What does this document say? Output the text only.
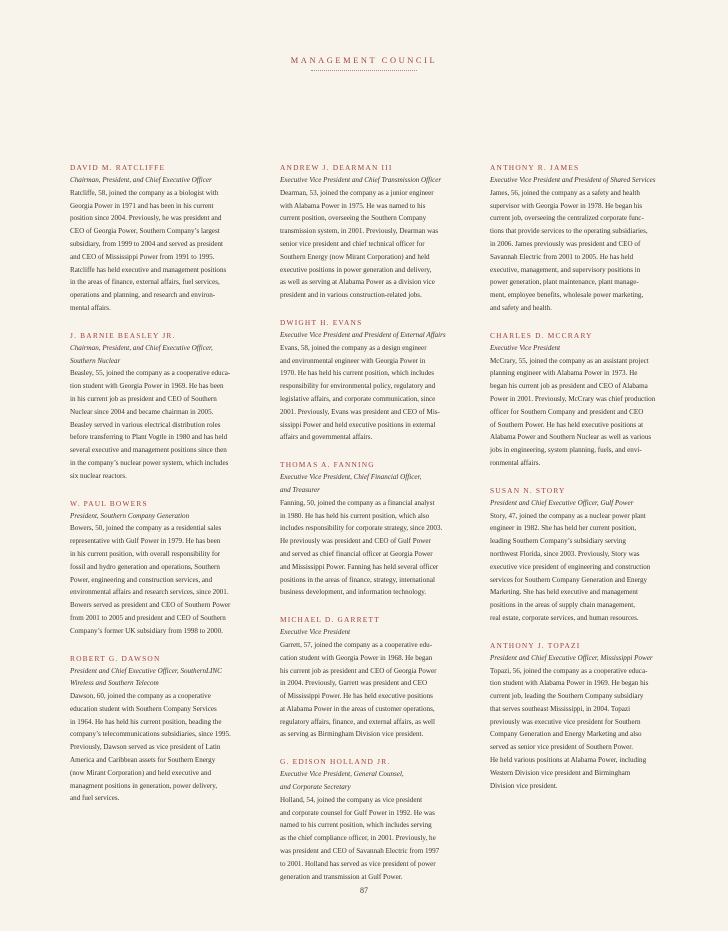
MANAGEMENT COUNCIL
DAVID M. RATCLIFFE
Chairman, President, and Chief Executive Officer

Ratcliffe, 58, joined the company as a biologist with

Georgia Power in 1971 and has been in his current

position since 2004. Previously, he was president and

CEO of Georgia Power, Southern Company’s largest

subsidiary, from 1999 to 2004 and served as president

and CEO of Mississippi Power from 1991 to 1995.

Ratcliffe has held executive and management positions

in the areas of finance, external affairs, fuel services,

operations and planning, and research and environ-

mental affairs.

J. BARNIE BEASLEY JR.
Chairman, President, and Chief Executive Officer,
Southern Nuclear

Beasley, 55, joined the company as a cooperative educa-

tion student with Georgia Power in 1969. He has been

in his current job as president and CEO of Southern

Nuclear since 2004 and became chairman in 2005.

Beasley served in various electrical distribution roles

before transferring to Plant Vogtle in 1980 and has held

several executive and management positions since then

in the company’s nuclear power system, which includes

six nuclear reactors.

W. PAUL BOWERS
President, Southern Company Generation

Bowers, 50, joined the company as a residential sales

representative with Gulf Power in 1979. He has been

in his current position, with overall responsibility for

fossil and hydro generation and operations, Southern

Power, engineering and construction services, and

environmental affairs and research services, since 2001.

Bowers served as president and CEO of Southern Power

from 2001 to 2005 and president and CEO of Southern

Company’s former UK subsidiary from 1998 to 2000.

ROBERT G. DAWSON
President and Chief Executive Officer, SouthernLINC
Wireless and Southern Telecom

Dawson, 60, joined the company as a cooperative

education student with Southern Company Services

in 1964. He has held his current position, heading the

company’s telecommunications subsidiaries, since 1995.

Previously, Dawson served as vice president of Latin

America and Caribbean assets for Southern Energy

(now Mirant Corporation) and held executive and

managment positions in generation, power delivery,

and fuel services.

ANDREW J. DEARMAN III
Executive Vice President and Chief Transmission Officer

Dearman, 53, joined the company as a junior engineer

with Alabama Power in 1975. He was named to his

current position, overseeing the Southern Company

transmission system, in 2001. Previously, Dearman was

senior vice president and chief technical officer for

Southern Energy (now Mirant Corporation) and held

executive positions in power generation and delivery,

as well as serving at Alabama Power as a division vice

president and in various construction-related jobs.

DWIGHT H. EVANS
Executive Vice President and President of External Affairs

Evans, 58, joined the company as a design engineer

and environmental engineer with Georgia Power in

1970. He has held his current position, which includes

responsibility for environmental policy, regulatory and

legislative affairs, and corporate communication, since

2001. Previously, Evans was president and CEO of Mis-

sissippi Power and held executive positions in external

affairs and governmental affairs.

THOMAS A. FANNING
Executive Vice President, Chief Financial Officer,
and Treasurer

Fanning, 50, joined the company as a financial analyst

in 1980. He has held his current position, which also

includes responsibility for corporate strategy, since 2003.

He previously was president and CEO of Gulf Power

and served as chief financial officer at Georgia Power

and Mississippi Power. Fanning has held several officer

positions in the areas of finance, strategy, international

business development, and information technology.

MICHAEL D. GARRETT
Executive Vice President

Garrett, 57, joined the company as a cooperative edu-

cation student with Georgia Power in 1968. He began

his current job as president and CEO of Georgia Power

in 2004. Previously, Garrett was president and CEO

of Mississippi Power. He has held executive positions

at Alabama Power in the areas of customer operations,

regulatory affairs, finance, and external affairs, as well

as serving as Birmingham Division vice president.

G. EDISON HOLLAND JR.
Executive Vice President, General Counsel,
and Corporate Secretary

Holland, 54, joined the company as vice president

and corporate counsel for Gulf Power in 1992. He was

named to his current position, which includes serving

as the chief compliance officer, in 2001. Previously, he

was president and CEO of Savannah Electric from 1997

to 2001. Holland has served as vice president of power

generation and transmission at Gulf Power.

ANTHONY R. JAMES
Executive Vice President and President of Shared Services

James, 56, joined the company as a safety and health

supervisor with Georgia Power in 1978. He began his

current job, overseeing the centralized corporate func-

tions that provide services to the operating subsidiaries,

in 2006. James previously was president and CEO of

Savannah Electric from 2001 to 2005. He has held

executive, management, and supervisory positions in

power generation, plant maintenance, plant manage-

ment, employee benefits, wholesale power marketing,

and safety and health.

CHARLES D. MCCRARY
Executive Vice President

McCrary, 55, joined the company as an assistant project

planning engineer with Alabama Power in 1973. He

began his current job as president and CEO of Alabama

Power in 2001. Previously, McCrary was chief production

officer for Southern Company and president and CEO

of Southern Power. He has held executive positions at

Alabama Power and Southern Nuclear as well as various

jobs in engineering, system planning, fuels, and envi-

ronmental affairs.

SUSAN N. STORY
President and Chief Executive Officer, Gulf Power

Story, 47, joined the company as a nuclear power plant

engineer in 1982. She has held her current position,

leading Southern Company’s subsidiary serving

northwest Florida, since 2003. Previously, Story was

executive vice president of engineering and construction

services for Southern Company Generation and Energy

Marketing. She has held executive and management

positions in the areas of supply chain management,

real estate, corporate services, and human resources.

ANTHONY J. TOPAZI
President and Chief Executive Officer, Mississippi Power

Topazi, 56, joined the company as a cooperative educa-

tion student with Alabama Power in 1969. He began his

current job, leading the Southern Company subsidiary

that serves southeast Mississippi, in 2004. Topazi

previously was executive vice president for Southern

Company Generation and Energy Marketing and also

served as senior vice president of Southern Power.

He held various positions at Alabama Power, including

Western Division vice president and Birmingham

Division vice president.

87
